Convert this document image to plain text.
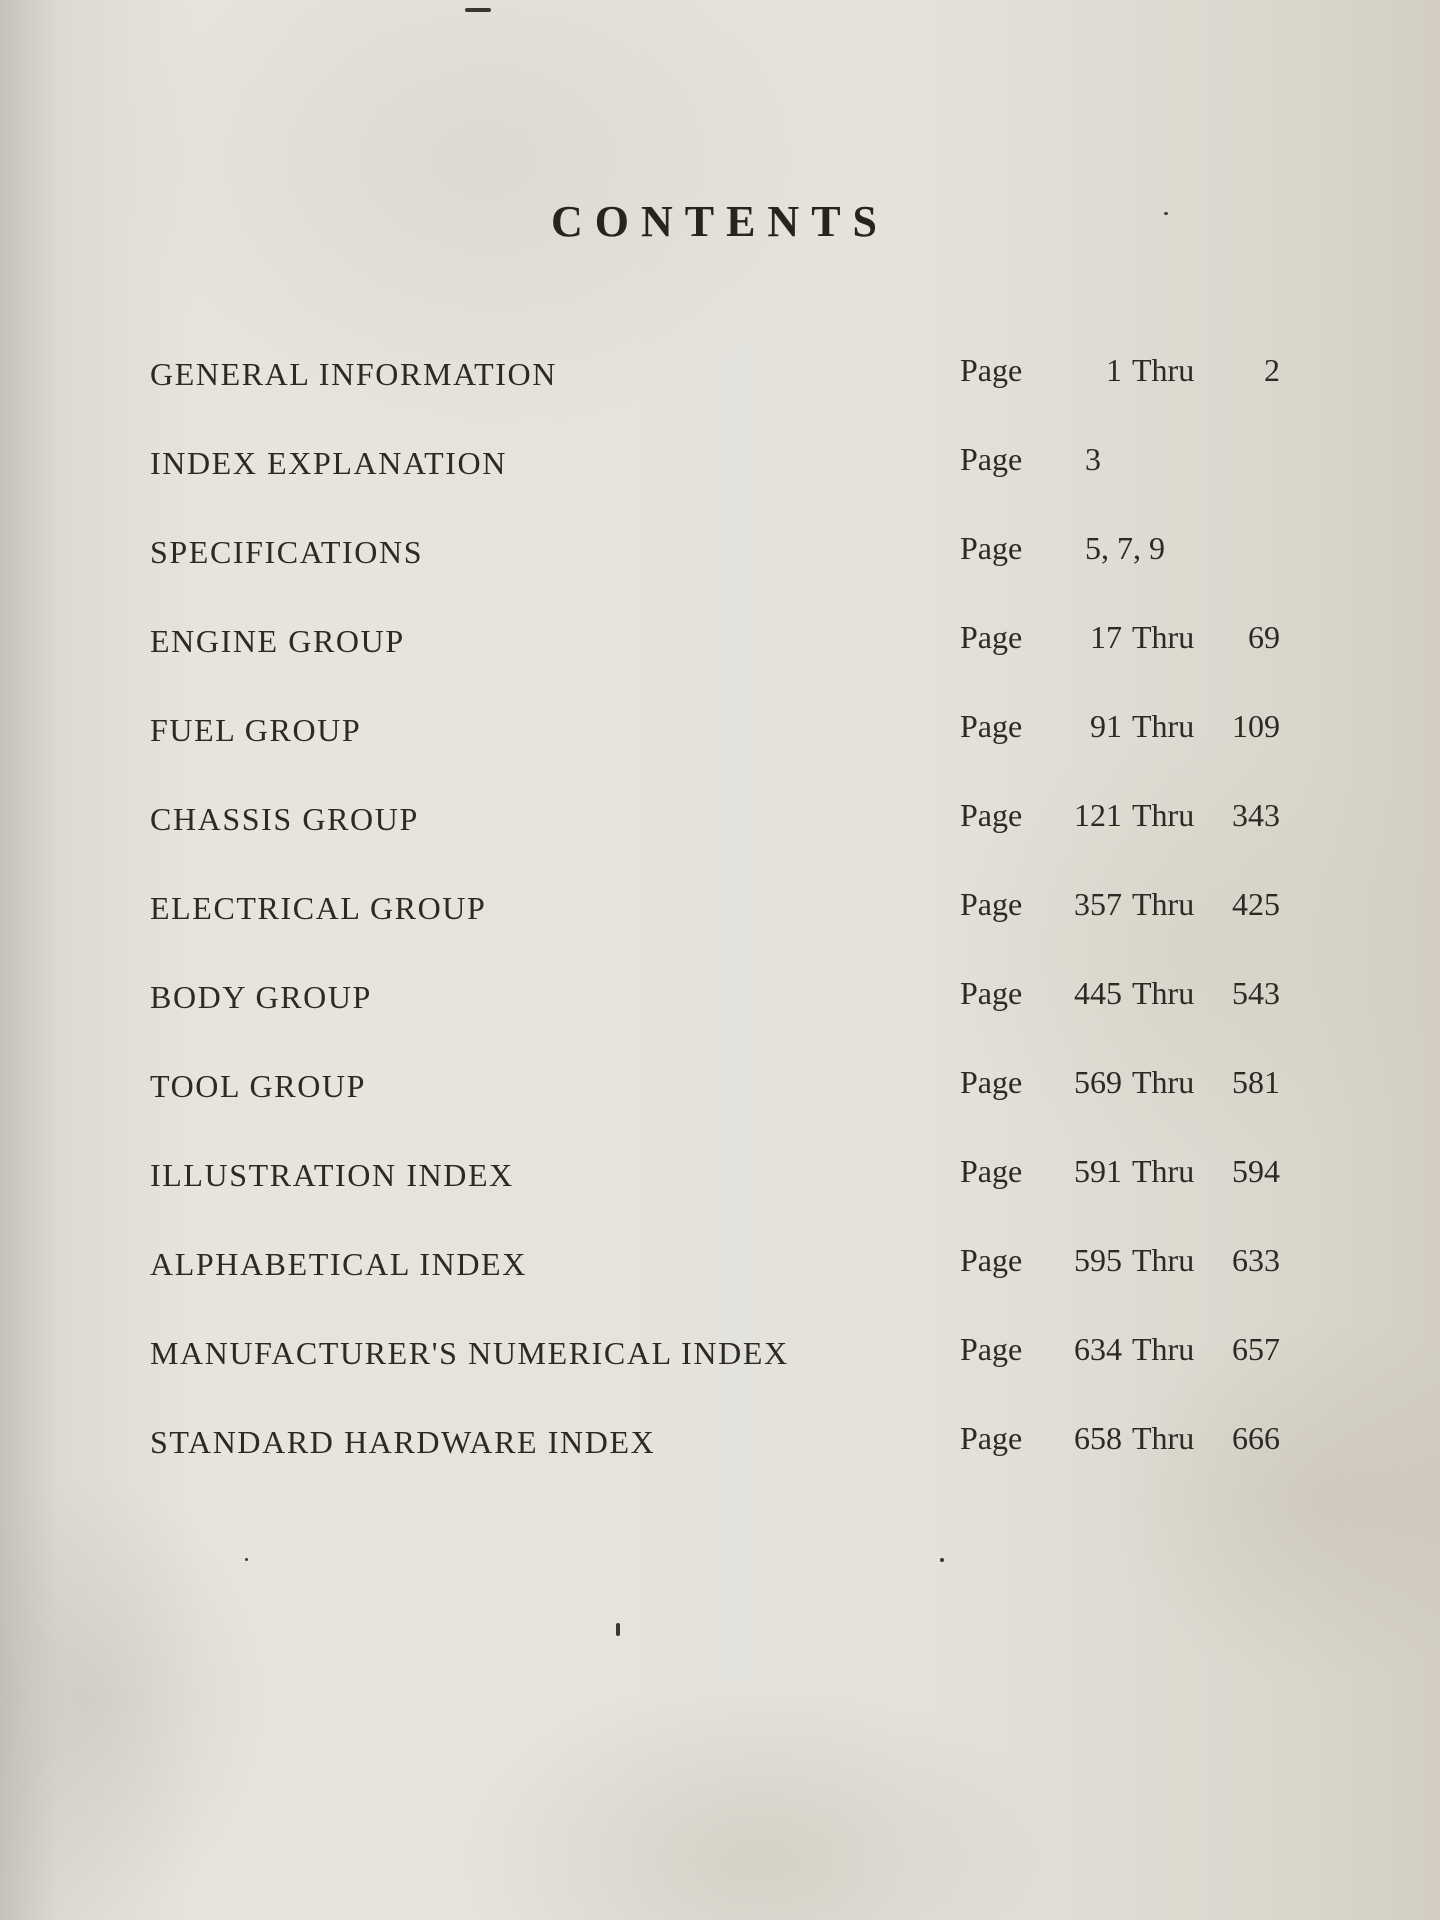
CONTENTS
GENERAL INFORMATION	Page	1 Thru 2
INDEX EXPLANATION	Page 3
SPECIFICATIONS	Page 5, 7, 9
ENGINE GROUP	Page 17 Thru 69
FUEL GROUP	Page 91 Thru 109
CHASSIS GROUP	Page 121 Thru 343
ELECTRICAL GROUP	Page 357 Thru 425
BODY GROUP	Page 445 Thru 543
TOOL GROUP	Page 569 Thru 581
ILLUSTRATION INDEX	Page 591 Thru 594
ALPHABETICAL INDEX	Page 595 Thru 633
MANUFACTURER'S NUMERICAL INDEX	Page 634 Thru 657
STANDARD HARDWARE INDEX	Page 658 Thru 666
